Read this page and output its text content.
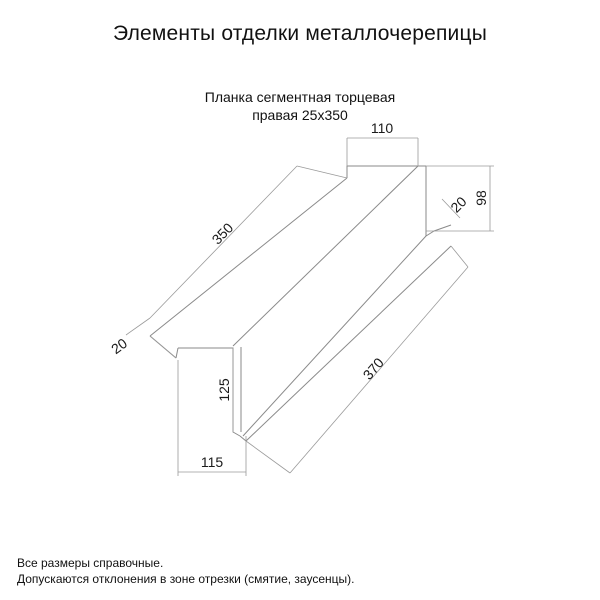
Элементы отделки металлочерепицы
Планка сегментная торцевая
правая 25x350
110
98
20
350
20
125
115
370
Все размеры справочные.
Допускаются отклонения в зоне отрезки (смятие, заусенцы).
